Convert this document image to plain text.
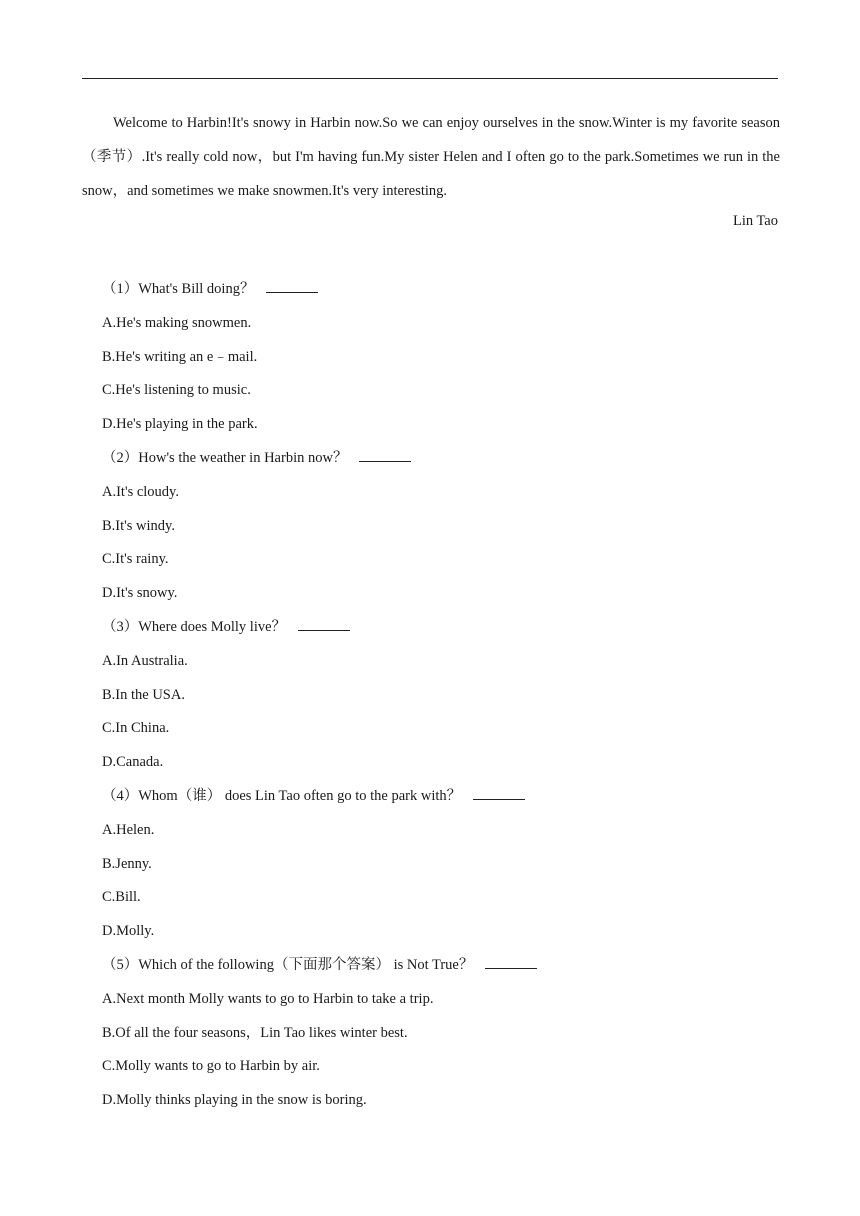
Welcome to Harbin!It's snowy in Harbin now.So we can enjoy ourselves in the snow.Winter is my favorite season（季节）.It's really cold now，but I'm having fun.My sister Helen and I often go to the park.Sometimes we run in the snow，and sometimes we make snowmen.It's very interesting.

Lin Tao
（1）What's Bill doing？
A.He's making snowmen.
B.He's writing an e﹣mail.
C.He's listening to music.
D.He's playing in the park.
（2）How's the weather in Harbin now？
A.It's cloudy.
B.It's windy.
C.It's rainy.
D.It's snowy.
（3）Where does Molly live？
A.In Australia.
B.In the USA.
C.In China.
D.Canada.
（4）Whom（谁） does Lin Tao often go to the park with？
A.Helen.
B.Jenny.
C.Bill.
D.Molly.
（5）Which of the following（下面那个答案） is Not True？
A.Next month Molly wants to go to Harbin to take a trip.
B.Of all the four seasons，Lin Tao likes winter best.
C.Molly wants to go to Harbin by air.
D.Molly thinks playing in the snow is boring.
